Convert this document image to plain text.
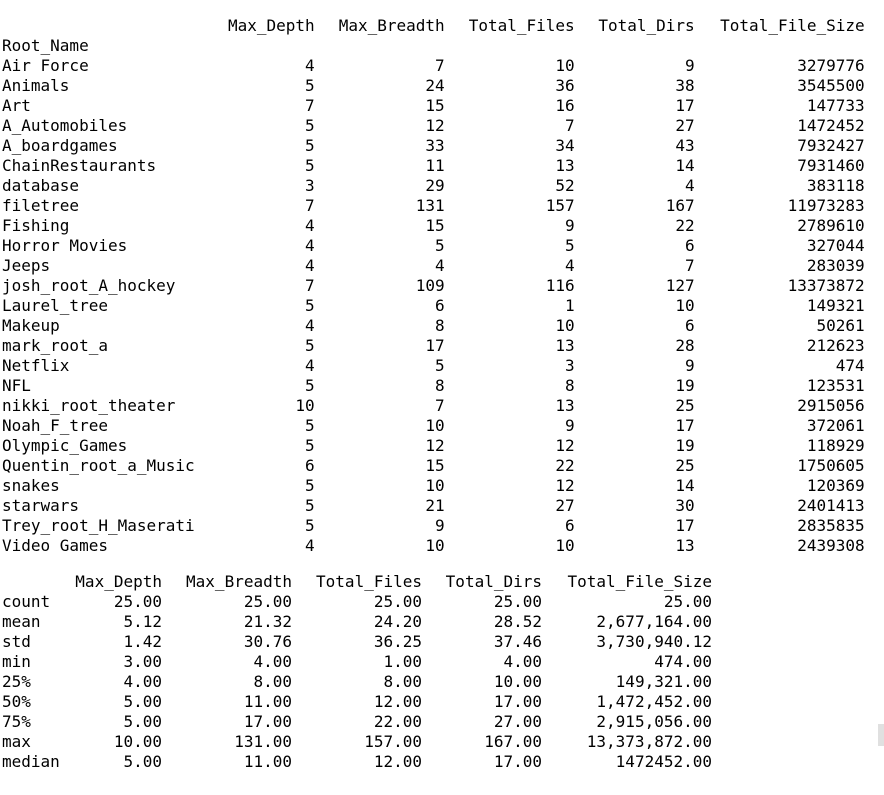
	Max_Depth	Max_Breadth	Total_Files	Total_Dirs	Total_File_Size
Root_Name					
Air Force	4	7	10	9	3279776
Animals	5	24	36	38	3545500
Art	7	15	16	17	147733
A_Automobiles	5	12	7	27	1472452
A_boardgames	5	33	34	43	7932427
ChainRestaurants	5	11	13	14	7931460
database	3	29	52	4	383118
filetree	7	131	157	167	11973283
Fishing	4	15	9	22	2789610
Horror Movies	4	5	5	6	327044
Jeeps	4	4	4	7	283039
josh_root_A_hockey	7	109	116	127	13373872
Laurel_tree	5	6	1	10	149321
Makeup	4	8	10	6	50261
mark_root_a	5	17	13	28	212623
Netflix	4	5	3	9	474
NFL	5	8	8	19	123531
nikki_root_theater	10	7	13	25	2915056
Noah_F_tree	5	10	9	17	372061
Olympic_Games	5	12	12	19	118929
Quentin_root_a_Music	6	15	22	25	1750605
snakes	5	10	12	14	120369
starwars	5	21	27	30	2401413
Trey_root_H_Maserati	5	9	6	17	2835835
Video Games	4	10	10	13	2439308
	Max_Depth	Max_Breadth	Total_Files	Total_Dirs	Total_File_Size
count	25.00	25.00	25.00	25.00	25.00
mean	5.12	21.32	24.20	28.52	2,677,164.00
std	1.42	30.76	36.25	37.46	3,730,940.12
min	3.00	4.00	1.00	4.00	474.00
25%	4.00	8.00	8.00	10.00	149,321.00
50%	5.00	11.00	12.00	17.00	1,472,452.00
75%	5.00	17.00	22.00	27.00	2,915,056.00
max	10.00	131.00	157.00	167.00	13,373,872.00
median	5.00	11.00	12.00	17.00	1472452.00
